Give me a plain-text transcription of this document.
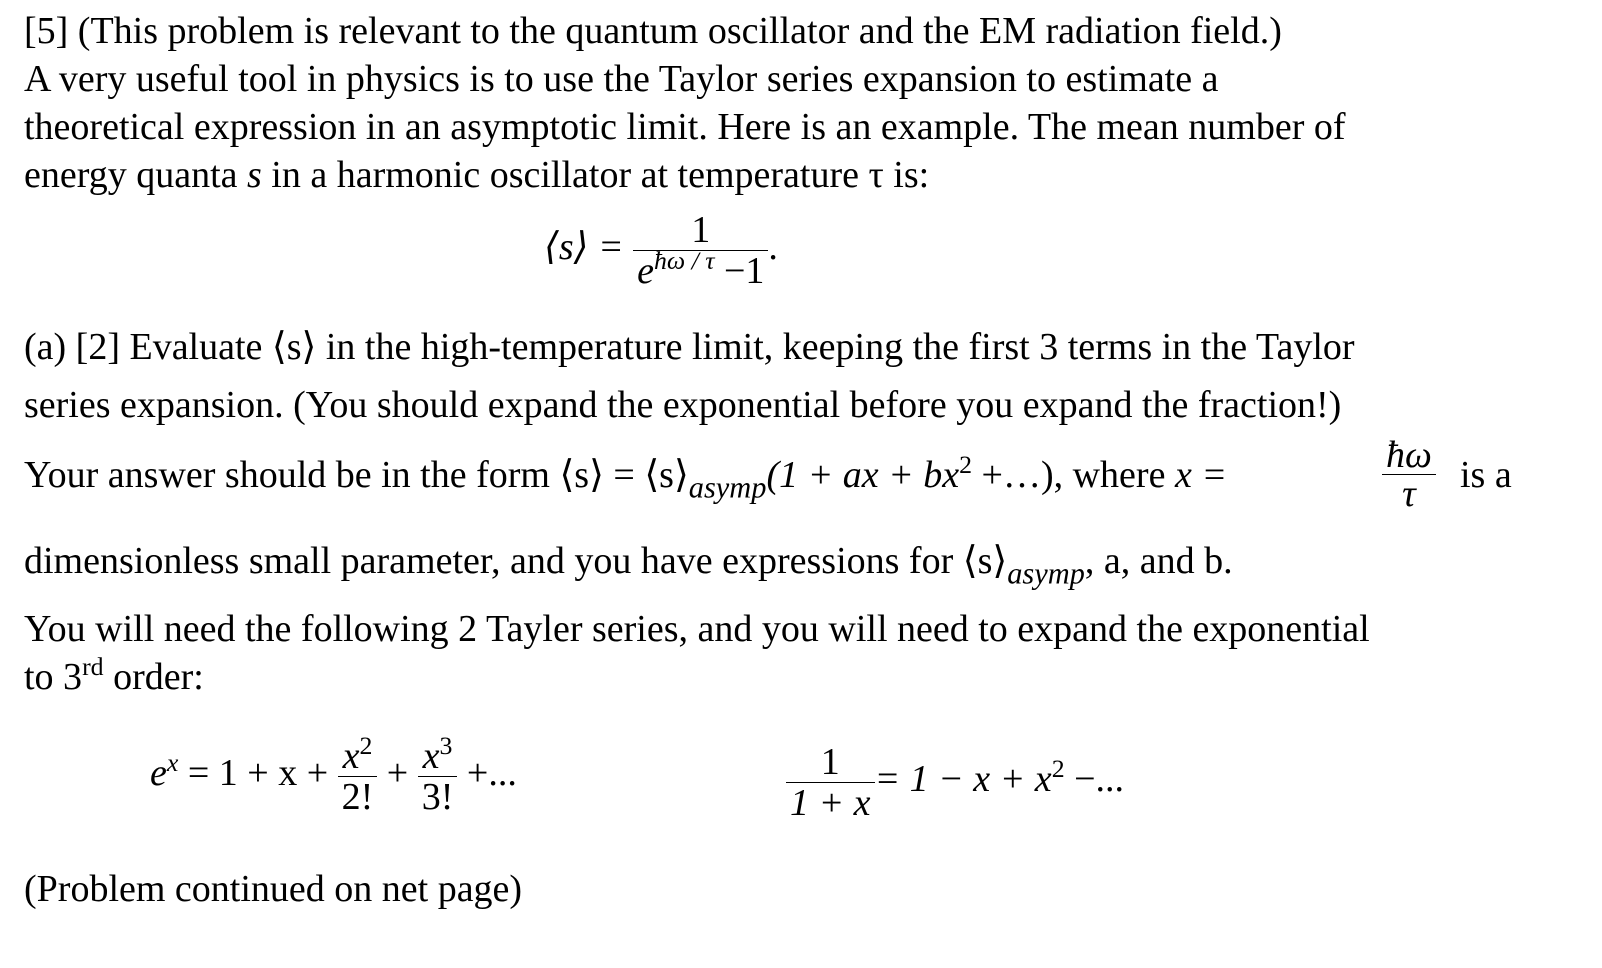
[5] (This problem is relevant to the quantum oscillator and the EM radiation field.)
A very useful tool in physics is to use the Taylor series expansion to estimate a
theoretical expression in an asymptotic limit. Here is an example. The mean number of
energy quanta s in a harmonic oscillator at temperature τ is:
⟨s⟩ = $\frac{1}{e^{ħ\omega / \tau} -1}$ .
(a) [2] Evaluate ⟨s⟩ in the high-temperature limit, keeping the first 3 terms in the Taylor
series expansion. (You should expand the exponential before you expand the fraction!)
Your answer should be in the form ⟨s⟩ = $⟨s⟩_{asymp}(1$ + ax + $bx^2$ +…), where x =	$\frac{ħ\omega}{\tau}$ is a
dimensionless small parameter, and you have expressions for $⟨s⟩_{asymp}$, a, and b.
You will need the following 2 Tayler series, and you will need to expand the exponential
to 3rd order:
$e^x = 1 + x + \frac{x^2}{2!} + \frac{x^3}{3!}$ +...	$\frac{1}{1 + x} = 1 - x + x^2$ −...
(Problem continued on net page)
